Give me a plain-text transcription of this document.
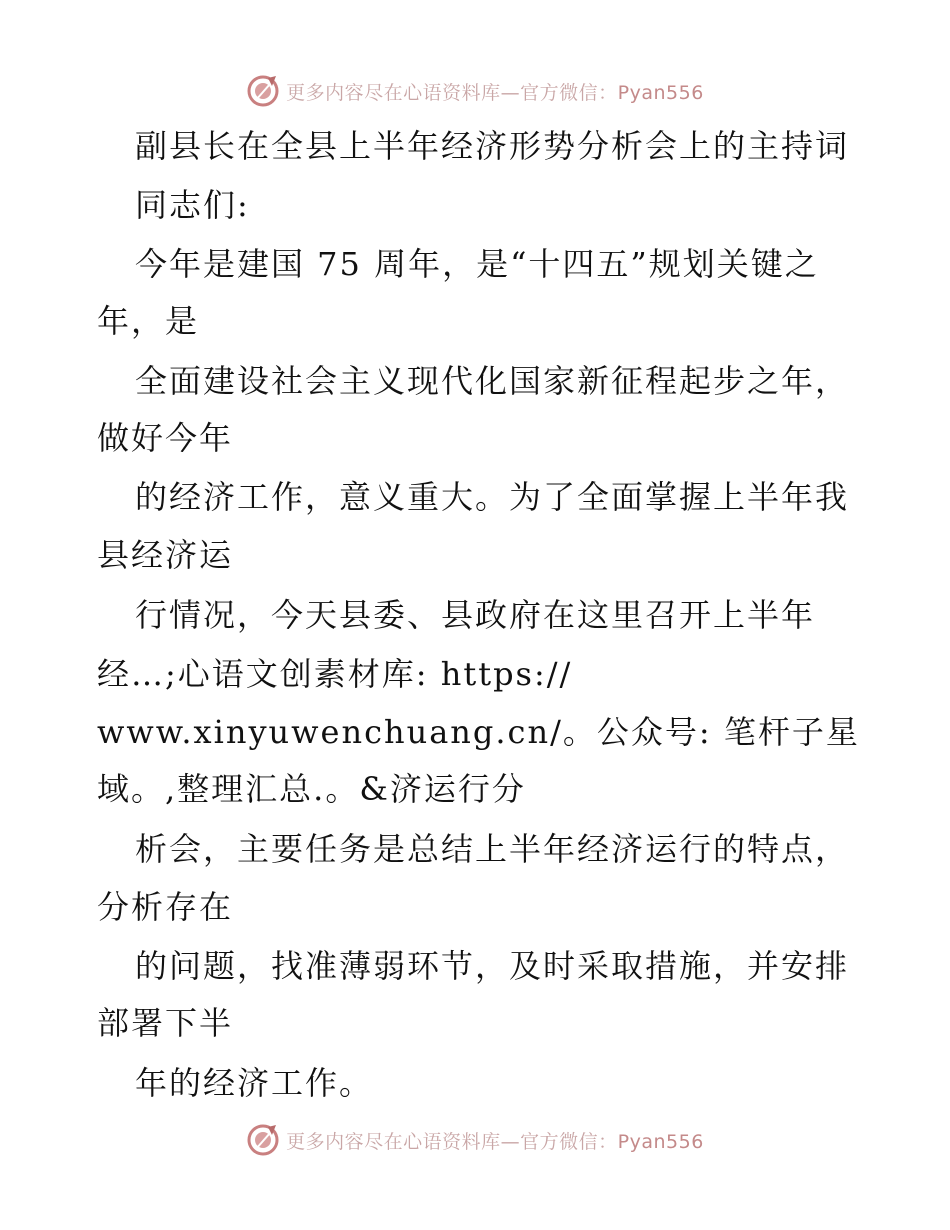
更多内容尽在心语资料库—官方微信：Pyan556
副县长在全县上半年经济形势分析会上的主持词
同志们:
今年是建国 75 周年，是“十四五”规划关键之
年，是
全面建设社会主义现代化国家新征程起步之年，
做好今年
的经济工作，意义重大。为了全面掌握上半年我
县经济运
行情况，今天县委、县政府在这里召开上半年
经…;心语文创素材库: https://
www.xinyuwenchuang.cn/。公众号: 笔杆子星
域。,整理汇总.。&济运行分
析会，主要任务是总结上半年经济运行的特点，
分析存在
的问题，找准薄弱环节，及时采取措施，并安排
部署下半
年的经济工作。
更多内容尽在心语资料库—官方微信：Pyan556
